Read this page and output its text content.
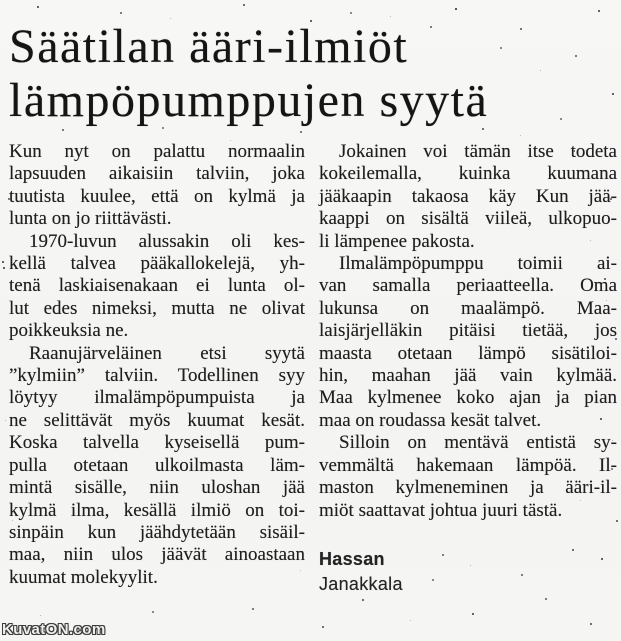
Säätilan ääri-ilmiöt
lämpöpumppujen syytä
Kun nyt on palattu normaalin
lapsuuden aikaisiin talviin, joka
tuutista kuulee, että on kylmä ja
lunta on jo riittävästi.
1970-luvun alussakin oli kes-
kellä talvea pääkallokelejä, yh-
tenä laskiaisenakaan ei lunta ol-
lut edes nimeksi, mutta ne olivat
poikkeuksia ne.
Raanujärveläinen etsi syytä
”kylmiin” talviin. Todellinen syy
löytyy ilmalämpöpumpuista ja
ne selittävät myös kuumat kesät.
Koska talvella kyseisellä pum-
pulla otetaan ulkoilmasta läm-
mintä sisälle, niin uloshan jää
kylmä ilma, kesällä ilmiö on toi-
sinpäin kun jäähdytetään sisäil-
maa, niin ulos jäävät ainoastaan
kuumat molekyylit.
Jokainen voi tämän itse todeta
kokeilemalla, kuinka kuumana
jääkaapin takaosa käy Kun jää-
kaappi on sisältä viileä, ulkopuo-
li lämpenee pakosta.
Ilmalämpöpumppu toimii ai-
van samalla periaatteella. Oma
lukunsa on maalämpö. Maa-
laisjärjelläkin pitäisi tietää, jos
maasta otetaan lämpö sisätiloi-
hin, maahan jää vain kylmää.
Maa kylmenee koko ajan ja pian
maa on roudassa kesät talvet.
Silloin on mentävä entistä sy-
vemmältä hakemaan lämpöä. Il-
maston kylmeneminen ja ääri-il-
miöt saattavat johtua juuri tästä.
Hassan
Janakkala
KuvatON.com
